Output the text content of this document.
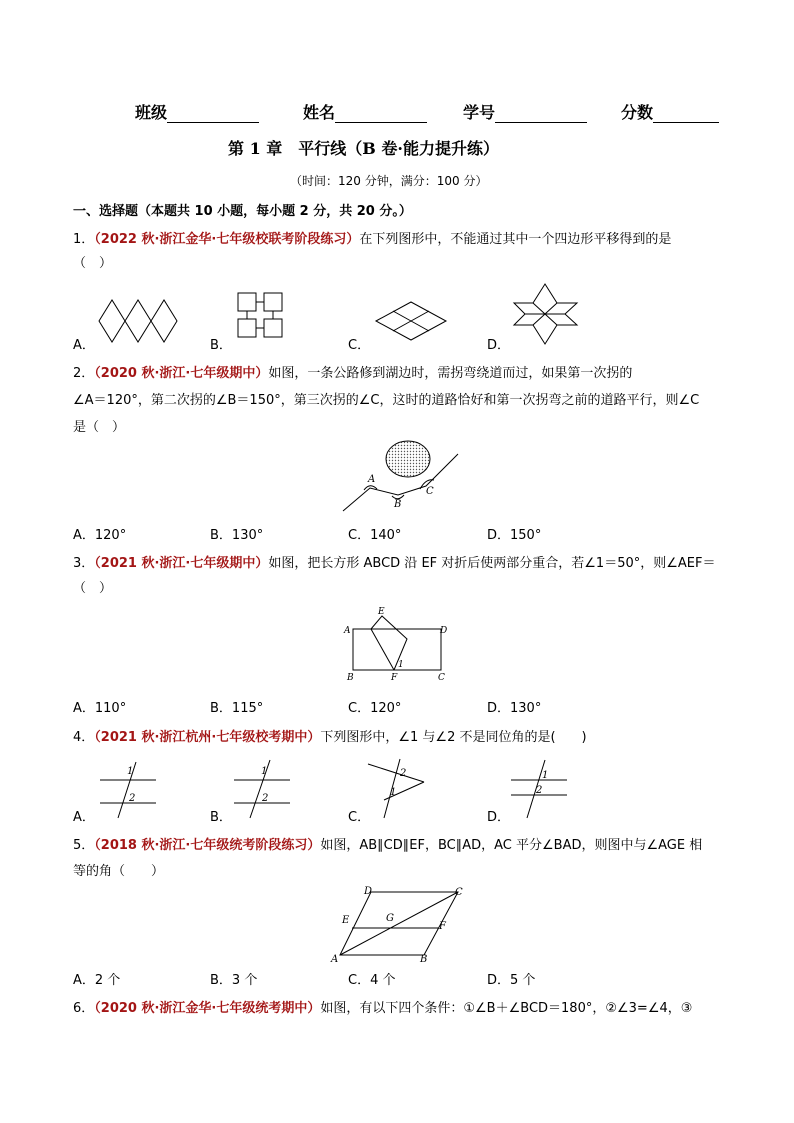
班级	姓名	学号	分数
第 1 章　平行线（B 卷·能力提升练）
（时间：120 分钟，满分：100 分）
一、选择题（本题共 10 小题，每小题 2 分，共 20 分。）
1．（2022 秋·浙江金华·七年级校联考阶段练习）在下列图形中，不能通过其中一个四边形平移得到的是
（　）
A．	B．	C．	D．
2．（2020 秋·浙江·七年级期中）如图，一条公路修到湖边时，需拐弯绕道而过，如果第一次拐的
∠A＝120°，第二次拐的∠B＝150°，第三次拐的∠C，这时的道路恰好和第一次拐弯之前的道路平行，则∠C
是（　）
A
B
C
A．120°	B．130°	C．140°	D．150°
3．（2021 秋·浙江·七年级期中）如图，把长方形 ABCD 沿 EF 对折后使两部分重合，若∠1＝50°，则∠AEF＝
（　）
E
A	D
1
B	F	C
A．110°	B．115°	C．120°	D．130°
4．（2021 秋·浙江杭州·七年级校考期中）下列图形中，∠1 与∠2 不是同位角的是(　　)
1
2
1
2
2
1
1
2
A．	B．	C．	D．
5．（2018 秋·浙江·七年级统考阶段练习）如图，AB∥CD∥EF，BC∥AD，AC 平分∠BAD，则图中与∠AGE 相
等的角（　　）
D	C
E	G
F
A	B
A．2 个	B．3 个	C．4 个	D．5 个
6．（2020 秋·浙江金华·七年级统考期中）如图，有以下四个条件：①∠B＋∠BCD＝180°，②∠3=∠4，③
